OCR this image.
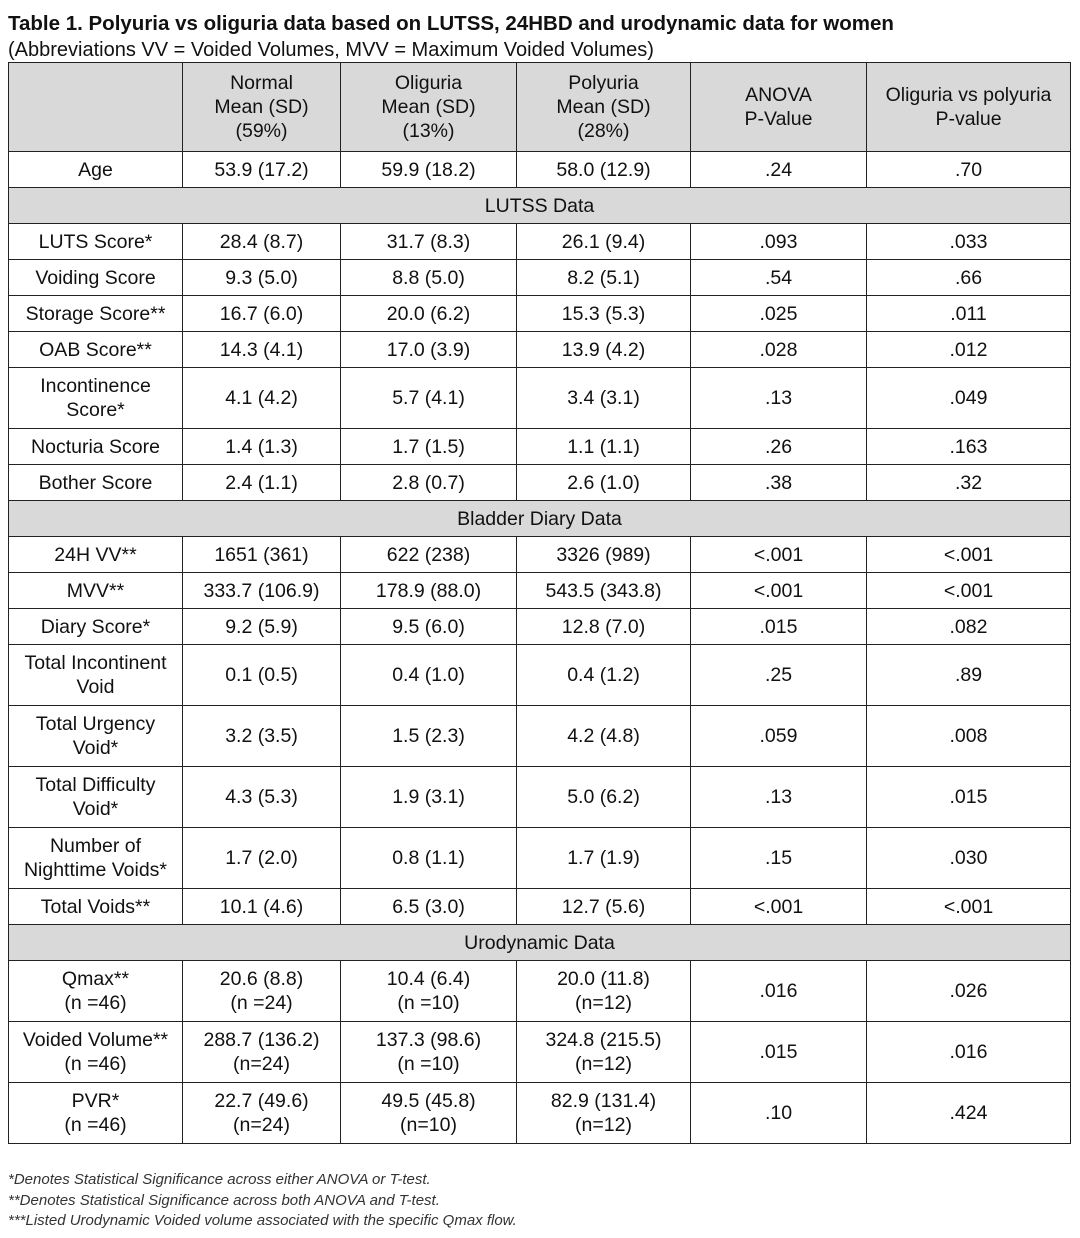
Table 1. Polyuria vs oliguria data based on LUTSS, 24HBD and urodynamic data for women
(Abbreviations VV = Voided Volumes, MVV = Maximum Voided Volumes)
	Normal
Mean (SD)
(59%)	Oliguria
Mean (SD)
(13%)	Polyuria
Mean (SD)
(28%)	ANOVA
P-Value	Oliguria vs polyuria
P-value
Age	53.9 (17.2)	59.9 (18.2)	58.0 (12.9)	.24	.70
LUTSS Data					
LUTS Score*	28.4 (8.7)	31.7 (8.3)	26.1 (9.4)	.093	.033
Voiding Score	9.3 (5.0)	8.8 (5.0)	8.2 (5.1)	.54	.66
Storage Score**	16.7 (6.0)	20.0 (6.2)	15.3 (5.3)	.025	.011
OAB Score**	14.3 (4.1)	17.0 (3.9)	13.9 (4.2)	.028	.012
Incontinence
Score*	4.1 (4.2)	5.7 (4.1)	3.4 (3.1)	.13	.049
Nocturia Score	1.4 (1.3)	1.7 (1.5)	1.1 (1.1)	.26	.163
Bother Score	2.4 (1.1)	2.8 (0.7)	2.6 (1.0)	.38	.32
Bladder Diary Data					
24H VV**	1651 (361)	622 (238)	3326 (989)	<.001	<.001
MVV**	333.7 (106.9)	178.9 (88.0)	543.5 (343.8)	<.001	<.001
Diary Score*	9.2 (5.9)	9.5 (6.0)	12.8 (7.0)	.015	.082
Total Incontinent
Void	0.1 (0.5)	0.4 (1.0)	0.4 (1.2)	.25	.89
Total Urgency
Void*	3.2 (3.5)	1.5 (2.3)	4.2 (4.8)	.059	.008
Total Difficulty
Void*	4.3 (5.3)	1.9 (3.1)	5.0 (6.2)	.13	.015
Number of
Nighttime Voids*	1.7 (2.0)	0.8 (1.1)	1.7 (1.9)	.15	.030
Total Voids**	10.1 (4.6)	6.5 (3.0)	12.7 (5.6)	<.001	<.001
Urodynamic Data					
Qmax**
(n =46)	20.6 (8.8)
(n =24)	10.4 (6.4)
(n =10)	20.0 (11.8)
(n=12)	.016	.026
Voided Volume**
(n =46)	288.7 (136.2)
(n=24)	137.3 (98.6)
(n =10)	324.8 (215.5)
(n=12)	.015	.016
PVR*
(n =46)	22.7 (49.6)
(n=24)	49.5 (45.8)
(n=10)	82.9 (131.4)
(n=12)	.10	.424
*Denotes Statistical Significance across either ANOVA or T-test.
**Denotes Statistical Significance across both ANOVA and T-test.
***Listed Urodynamic Voided volume associated with the specific Qmax flow.
